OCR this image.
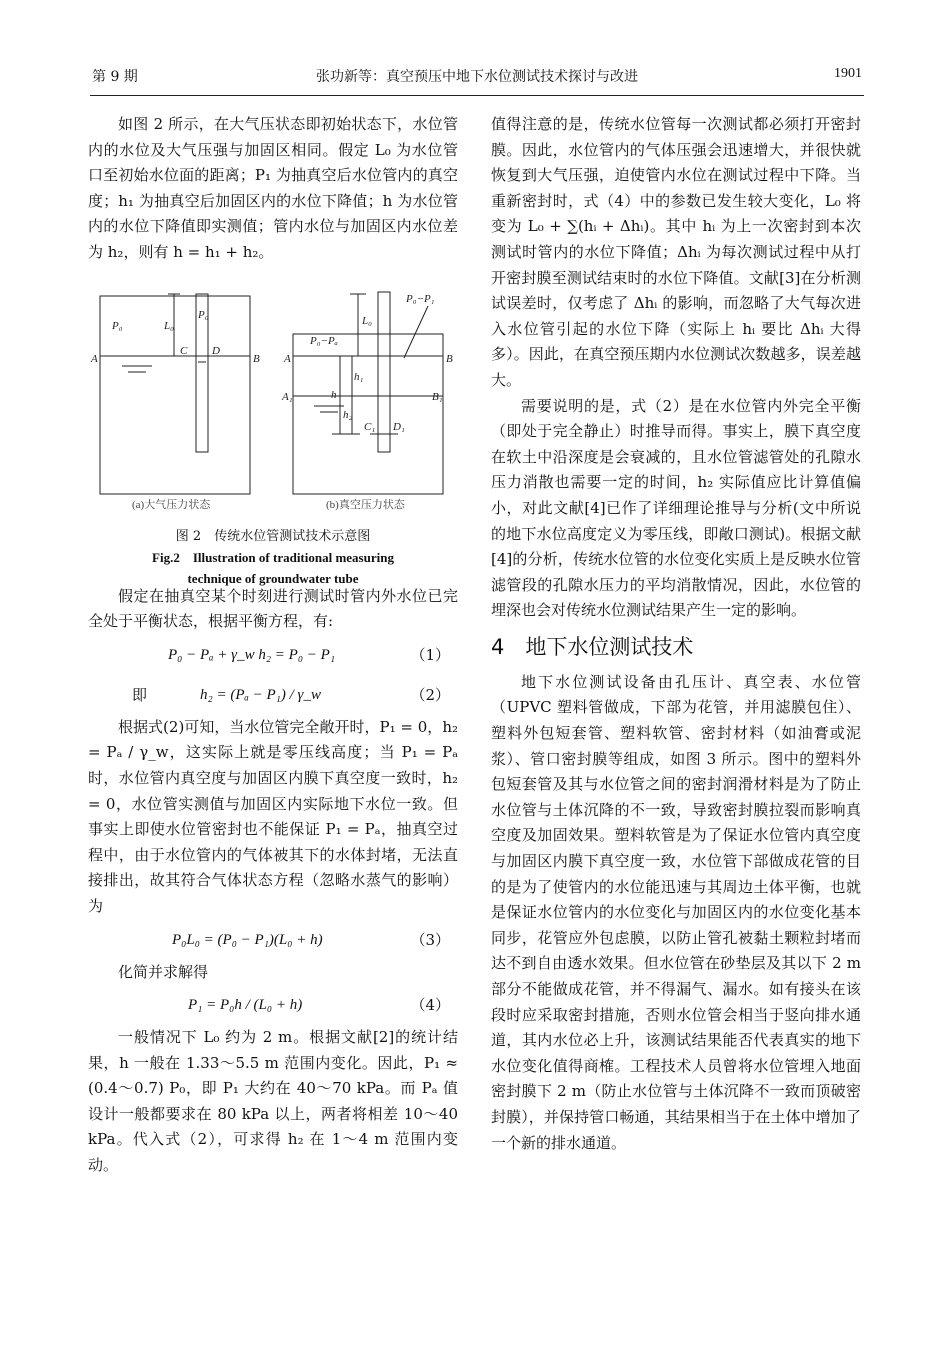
第 9 期	张功新等：真空预压中地下水位测试技术探讨与改进	1901

如图 2 所示，在大气压状态即初始状态下，水位管内的水位及大气压强与加固区相同。假定 L₀ 为水位管口至初始水位面的距离；P₁ 为抽真空后水位管内的真空度；h₁ 为抽真空后加固区内的水位下降值；h 为水位管内的水位下降值即实测值；管内水位与加固区内水位差为 h₂，则有 h = h₁ + h₂。

P₀	L₀
P₀
A	B
C D
P₀−Pₐ
P₀−P₁
L₀
A	B
A₁	B₁
h
h₁
h₂
C₁ D₁
(a)大气压力状态	(b)真空压力状态
图 2　传统水位管测试技术示意图
Fig.2　Illustration of traditional measuring
technique of groundwater tube

假定在抽真空某个时刻进行测试时管内外水位已完全处于平衡状态，根据平衡方程，有:

P₀ − Pₐ + γ_w h₂ = P₀ − P₁	（1）
即	h₂ = (Pₐ − P₁) / γ_w	（2）

根据式(2)可知，当水位管完全敞开时，P₁ = 0，h₂ = Pₐ / γ_w，这实际上就是零压线高度；当 P₁ = Pₐ 时，水位管内真空度与加固区内膜下真空度一致时，h₂ = 0，水位管实测值与加固区内实际地下水位一致。但事实上即使水位管密封也不能保证 P₁ = Pₐ，抽真空过程中，由于水位管内的气体被其下的水体封堵，无法直接排出，故其符合气体状态方程（忽略水蒸气的影响）为

P₀L₀ = (P₀ − P₁)(L₀ + h)	（3）

化简并求解得

P₁ = P₀h / (L₀ + h)	（4）

一般情况下 L₀ 约为 2 m。根据文献[2]的统计结果，h 一般在 1.33～5.5 m 范围内变化。因此，P₁ ≈ (0.4～0.7) P₀，即 P₁ 大约在 40～70 kPa。而 Pₐ 值设计一般都要求在 80 kPa 以上，两者将相差 10～40 kPa。代入式（2），可求得 h₂ 在 1～4 m 范围内变动。

值得注意的是，传统水位管每一次测试都必须打开密封膜。因此，水位管内的气体压强会迅速增大，并很快就恢复到大气压强，迫使管内水位在测试过程中下降。当重新密封时，式（4）中的参数已发生较大变化，L₀ 将变为 L₀ + ∑(hᵢ + Δhᵢ)。其中 hᵢ 为上一次密封到本次测试时管内的水位下降值；Δhᵢ 为每次测试过程中从打开密封膜至测试结束时的水位下降值。文献[3]在分析测试误差时，仅考虑了 Δhᵢ 的影响，而忽略了大气每次进入水位管引起的水位下降（实际上 hᵢ 要比 Δhᵢ 大得多）。因此，在真空预压期内水位测试次数越多，误差越大。

需要说明的是，式（2）是在水位管内外完全平衡（即处于完全静止）时推导而得。事实上，膜下真空度在软土中沿深度是会衰减的，且水位管滤管处的孔隙水压力消散也需要一定的时间，h₂ 实际值应比计算值偏小，对此文献[4]已作了详细理论推导与分析(文中所说的地下水位高度定义为零压线，即敞口测试)。根据文献[4]的分析，传统水位管的水位变化实质上是反映水位管滤管段的孔隙水压力的平均消散情况，因此，水位管的埋深也会对传统水位测试结果产生一定的影响。

4　地下水位测试技术

地下水位测试设备由孔压计、真空表、水位管（UPVC 塑料管做成，下部为花管，并用滤膜包住）、塑料外包短套管、塑料软管、密封材料（如油膏或泥浆）、管口密封膜等组成，如图 3 所示。图中的塑料外包短套管及其与水位管之间的密封润滑材料是为了防止水位管与土体沉降的不一致，导致密封膜拉裂而影响真空度及加固效果。塑料软管是为了保证水位管内真空度与加固区内膜下真空度一致，水位管下部做成花管的目的是为了使管内的水位能迅速与其周边土体平衡，也就是保证水位管内的水位变化与加固区内的水位变化基本同步，花管应外包虑膜，以防止管孔被黏土颗粒封堵而达不到自由透水效果。但水位管在砂垫层及其以下 2 m 部分不能做成花管，并不得漏气、漏水。如有接头在该段时应采取密封措施，否则水位管会相当于竖向排水通道，其内水位必上升，该测试结果能否代表真实的地下水位变化值得商榷。工程技术人员曾将水位管埋入地面密封膜下 2 m（防止水位管与土体沉降不一致而顶破密封膜），并保持管口畅通，其结果相当于在土体中增加了一个新的排水通道。
